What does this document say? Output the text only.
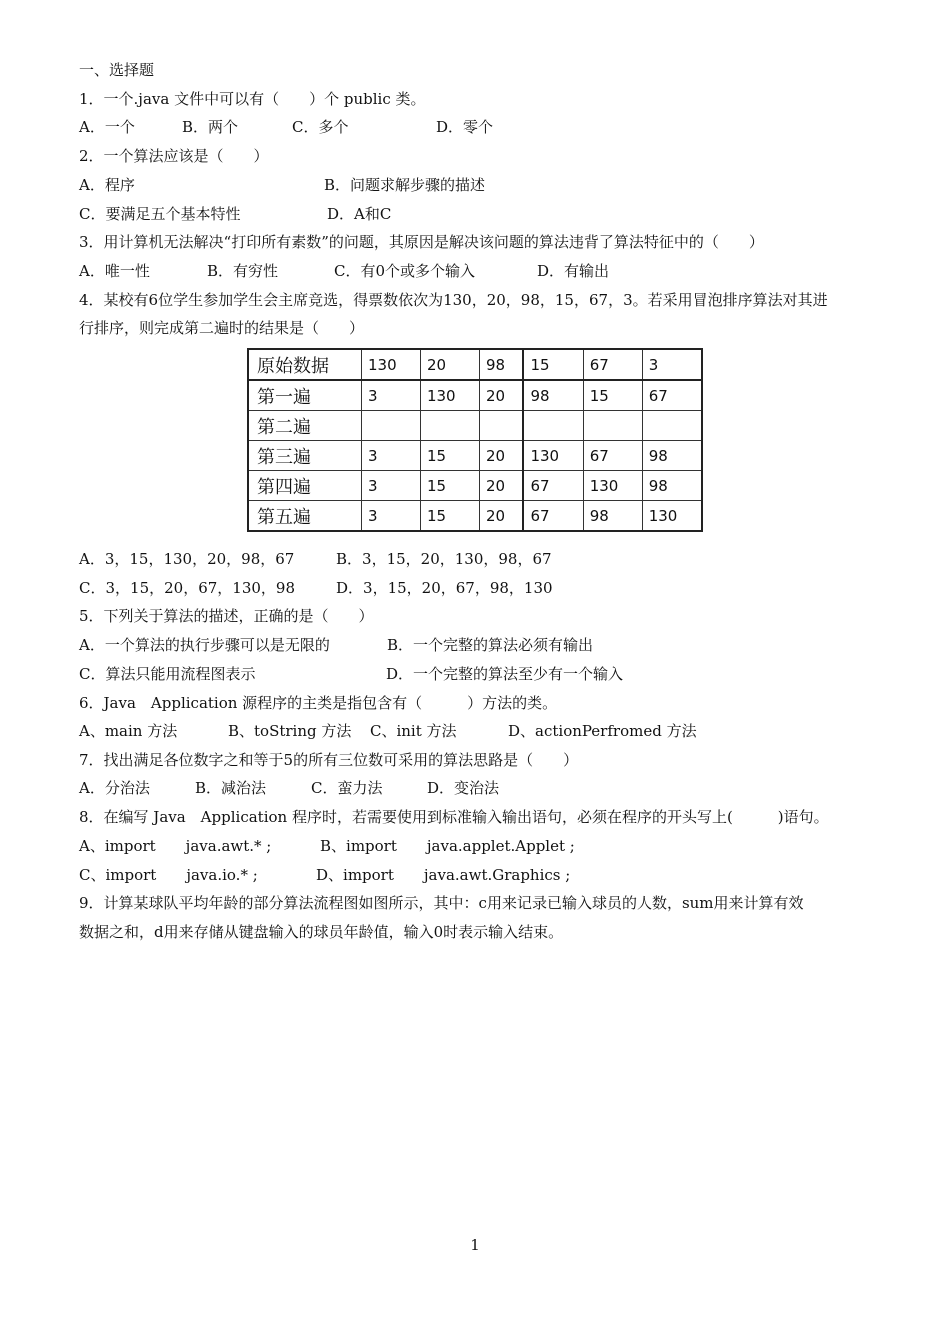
一、选择题
1．一个.java 文件中可以有（　　）个 public 类。
A．一个	B．两个	C．多个	D．零个
2．一个算法应该是（　　）
A．程序	B．问题求解步骤的描述
C．要满足五个基本特性	D．A和C
3．用计算机无法解决“打印所有素数”的问题，其原因是解决该问题的算法违背了算法特征中的（　　）
A．唯一性	B．有穷性	C．有0个或多个输入	D．有输出
4．某校有6位学生参加学生会主席竞选，得票数依次为130，20，98，15，67，3。若采用冒泡排序算法对其进
行排序，则完成第二遍时的结果是（　　）
原始数据	130	20	98	15	67	3
第一遍	3	130	20	98	15	67
第二遍						
第三遍	3	15	20	130	67	98
第四遍	3	15	20	67	130	98
第五遍	3	15	20	67	98	130
A．3，15，130，20，98，67	B．3，15，20，130，98，67
C．3，15，20，67，130，98	D．3，15，20，67，98，130
5．下列关于算法的描述，正确的是（　　）
A．一个算法的执行步骤可以是无限的	B．一个完整的算法必须有输出
C．算法只能用流程图表示	D．一个完整的算法至少有一个输入
6．Java　Application 源程序的主类是指包含有（　　　）方法的类。
A、main 方法	B、toString 方法 C、init 方法	D、actionPerfromed 方法
7．找出满足各位数字之和等于5的所有三位数可采用的算法思路是（　　）
A．分治法	B．减治法	C．蛮力法	D．变治法
8．在编写 Java　Application 程序时，若需要使用到标准输入输出语句，必须在程序的开头写上(　　　)语句。
A、import　　java.awt.* ;	B、import　　java.applet.Applet ;
C、import　　java.io.* ;	D、import　　java.awt.Graphics ;
9．计算某球队平均年龄的部分算法流程图如图所示，其中：c用来记录已输入球员的人数，sum用来计算有效
数据之和，d用来存储从键盘输入的球员年龄值，输入0时表示输入结束。
1
